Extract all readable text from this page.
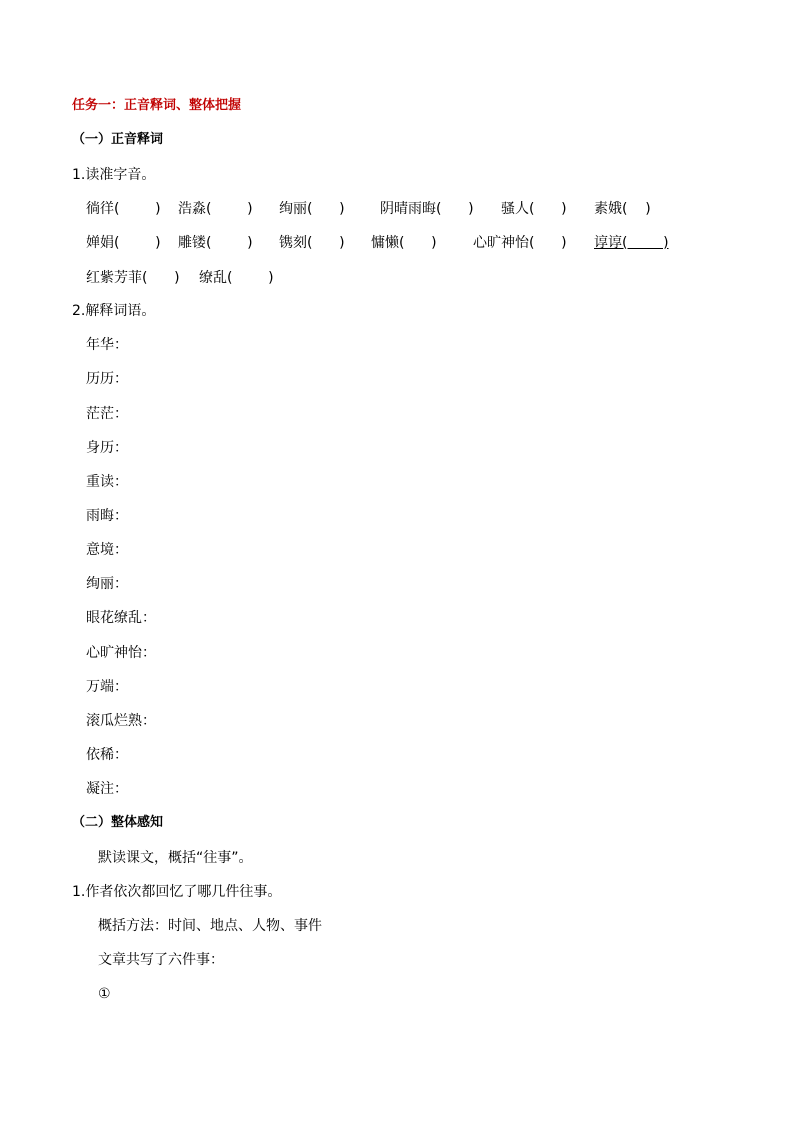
任务一：正音释词、整体把握
（一）正音释词
1.读准字音。
徜徉(        ) 浩淼(        ) 绚丽(      )	阴晴雨晦(      ) 骚人(      ) 素娥(    )
婵娟(        ) 雕镂(        ) 镌刻(      ) 慵懒(      )	心旷神怡(      ) 谆谆(        )
红紫芳菲(      ) 缭乱(        )
2.解释词语。
年华：
历历：
茫茫：
身历：
重读：
雨晦：
意境：
绚丽：
眼花缭乱：
心旷神怡：
万端：
滚瓜烂熟：
依稀：
凝注：
（二）整体感知
默读课文，概括“往事”。
1.作者依次都回忆了哪几件往事。
概括方法：时间、地点、人物、事件
文章共写了六件事：
①
